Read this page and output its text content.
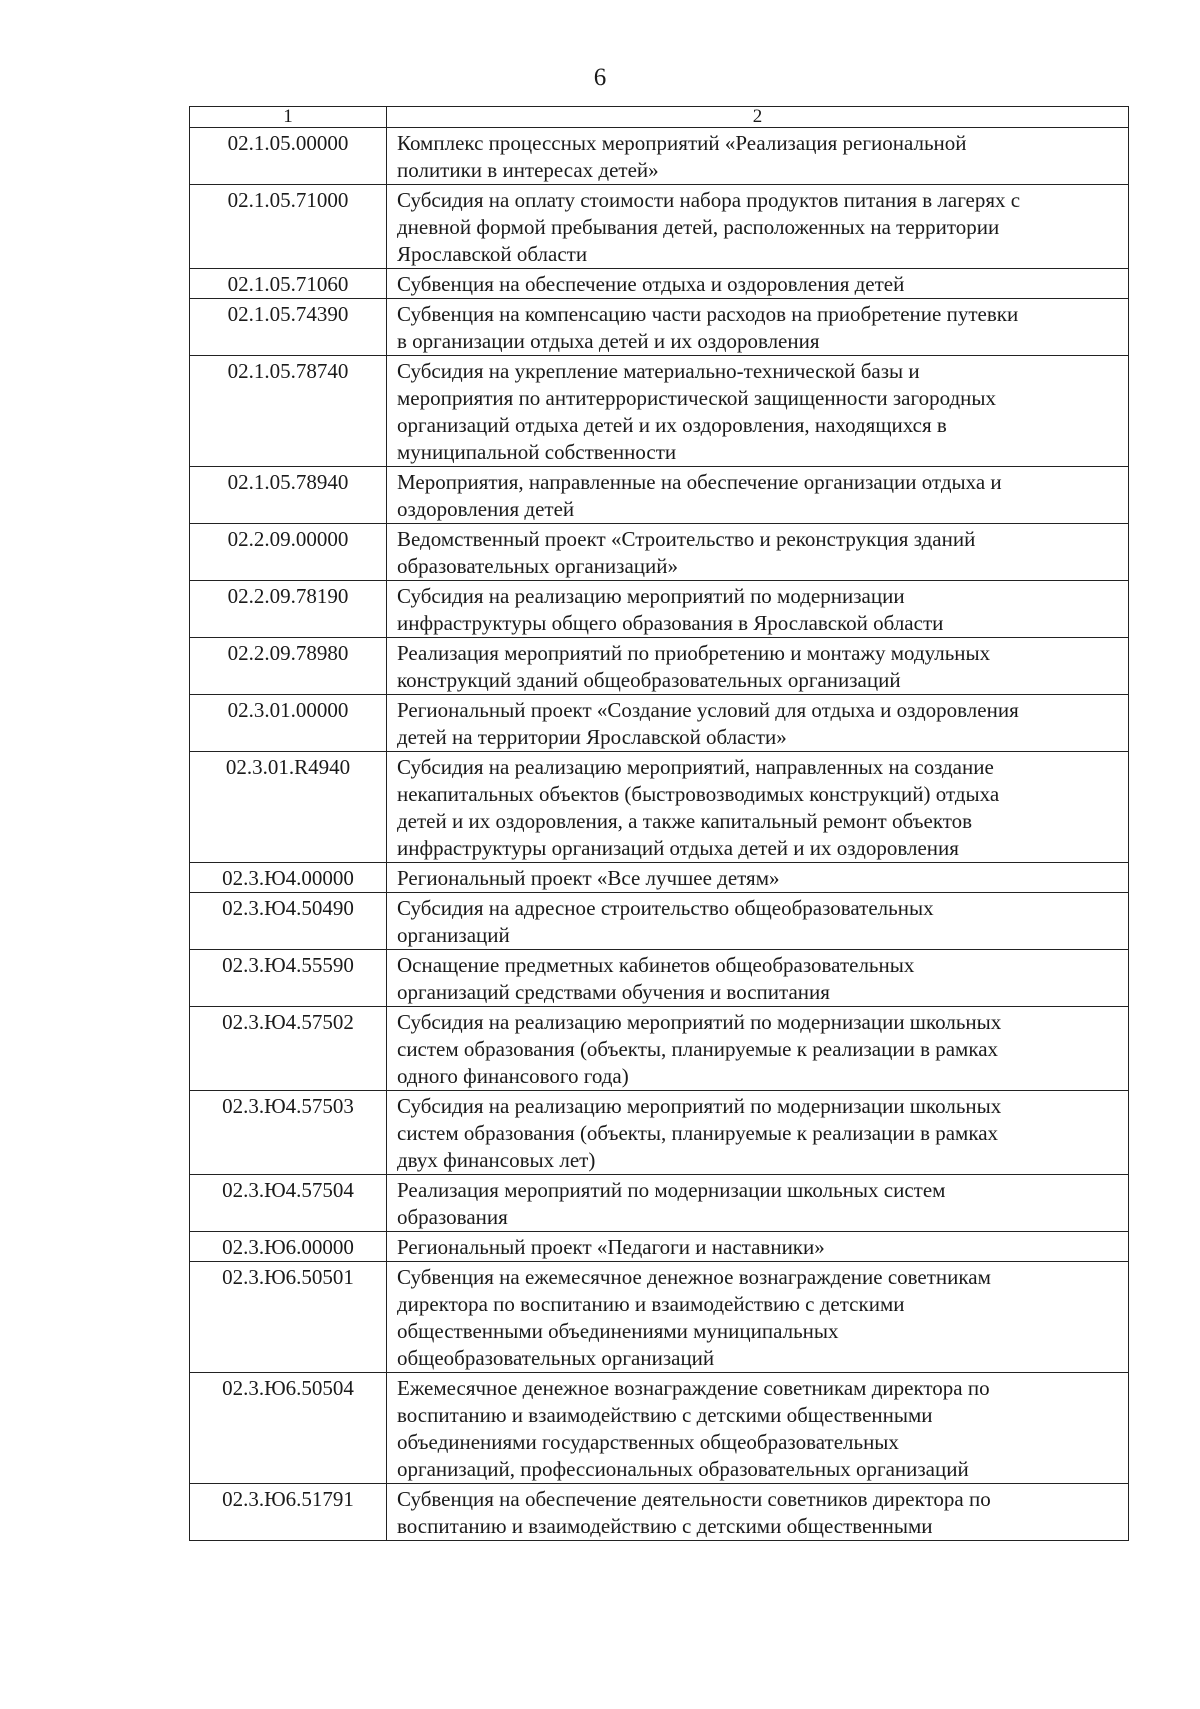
6
1	2
02.1.05.00000	Комплекс процессных мероприятий «Реализация региональной
политики в интересах детей»

02.1.05.71000	Субсидия на оплату стоимости набора продуктов питания в лагерях с
дневной формой пребывания детей, расположенных на территории
Ярославской области

02.1.05.71060	Субвенция на обеспечение отдыха и оздоровления детей

02.1.05.74390	Субвенция на компенсацию части расходов на приобретение путевки
в организации отдыха детей и их оздоровления

02.1.05.78740	Субсидия на укрепление материально-технической базы и
мероприятия по антитеррористической защищенности загородных
организаций отдыха детей и их оздоровления, находящихся в
муниципальной собственности

02.1.05.78940	Мероприятия, направленные на обеспечение организации отдыха и
оздоровления детей

02.2.09.00000	Ведомственный проект «Строительство и реконструкция зданий
образовательных организаций»

02.2.09.78190	Субсидия на реализацию мероприятий по модернизации
инфраструктуры общего образования в Ярославской области

02.2.09.78980	Реализация мероприятий по приобретению и монтажу модульных
конструкций зданий общеобразовательных организаций

02.3.01.00000	Региональный проект «Создание условий для отдыха и оздоровления
детей на территории Ярославской области»

02.3.01.R4940	Субсидия на реализацию мероприятий, направленных на создание
некапитальных объектов (быстровозводимых конструкций) отдыха
детей и их оздоровления, а также капитальный ремонт объектов
инфраструктуры организаций отдыха детей и их оздоровления

02.3.Ю4.00000	Региональный проект «Все лучшее детям»

02.3.Ю4.50490	Субсидия на адресное строительство общеобразовательных
организаций

02.3.Ю4.55590	Оснащение предметных кабинетов общеобразовательных
организаций средствами обучения и воспитания

02.3.Ю4.57502	Субсидия на реализацию мероприятий по модернизации школьных
систем образования (объекты, планируемые к реализации в рамках
одного финансового года)

02.3.Ю4.57503	Субсидия на реализацию мероприятий по модернизации школьных
систем образования (объекты, планируемые к реализации в рамках
двух финансовых лет)

02.3.Ю4.57504	Реализация мероприятий по модернизации школьных систем
образования

02.3.Ю6.00000	Региональный проект «Педагоги и наставники»

02.3.Ю6.50501	Субвенция на ежемесячное денежное вознаграждение советникам
директора по воспитанию и взаимодействию с детскими
общественными объединениями муниципальных
общеобразовательных организаций

02.3.Ю6.50504	Ежемесячное денежное вознаграждение советникам директора по
воспитанию и взаимодействию с детскими общественными
объединениями государственных общеобразовательных
организаций, профессиональных образовательных организаций

02.3.Ю6.51791	Субвенция на обеспечение деятельности советников директора по
воспитанию и взаимодействию с детскими общественными
